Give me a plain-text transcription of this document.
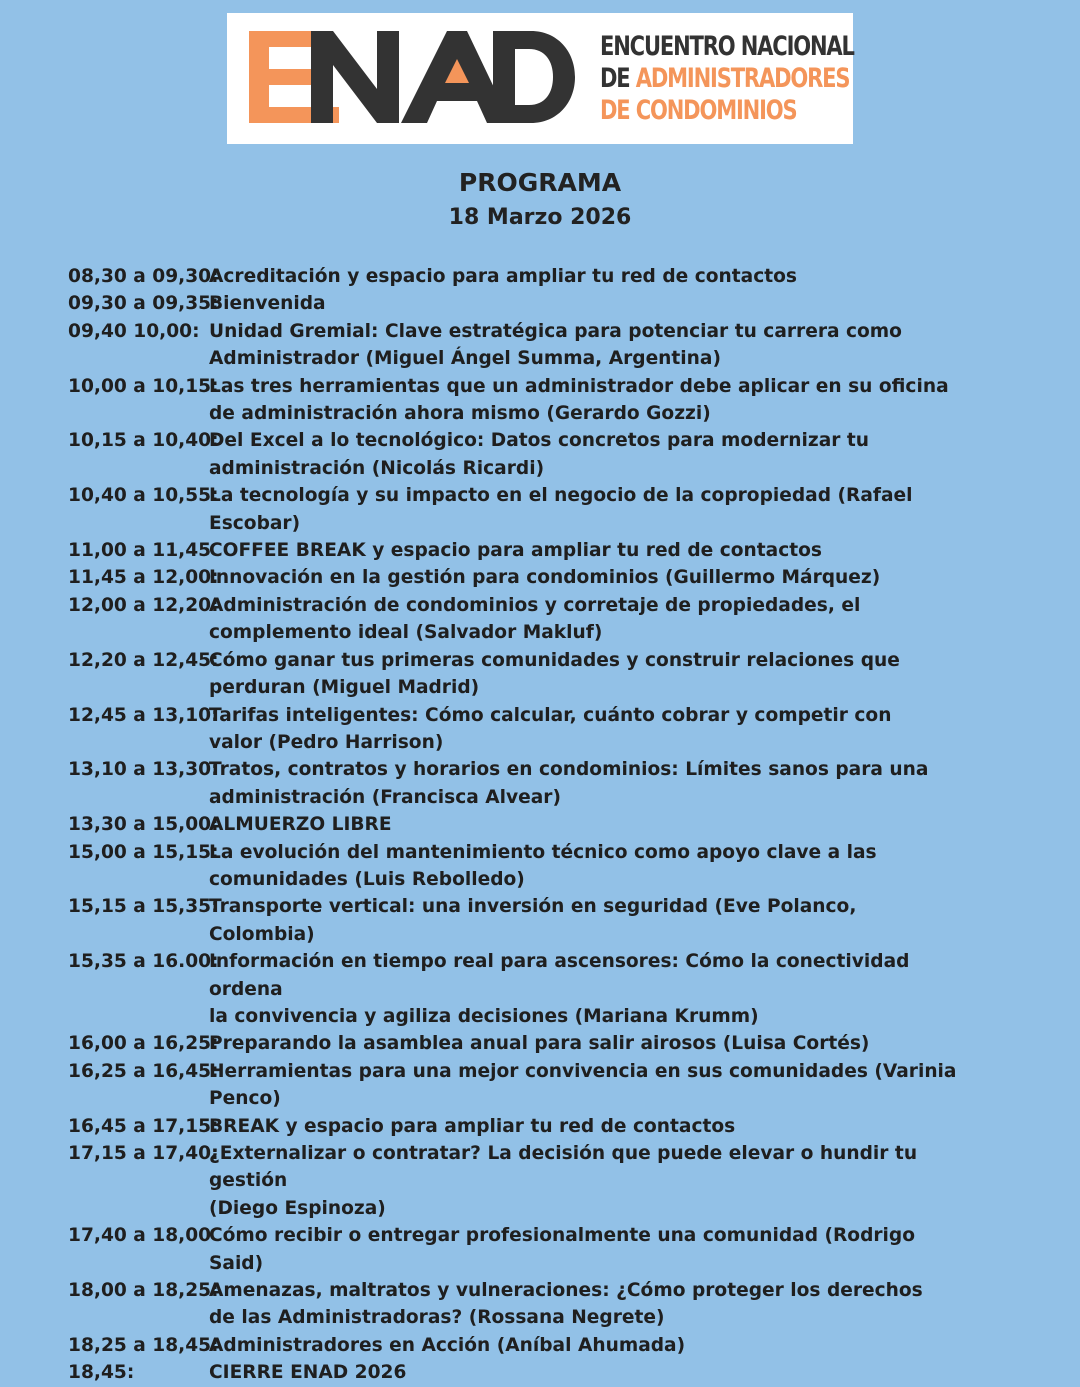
ENCUENTRO NACIONAL
DE ADMINISTRADORES
DE CONDOMINIOS
PROGRAMA
18 Marzo 2026
08,30 a 09,30:
Acreditación y espacio para ampliar tu red de contactos
09,30 a 09,35:
Bienvenida
09,40 10,00: Unidad Gremial: Clave estratégica para potenciar tu carrera como
Administrador (Miguel Ángel Summa, Argentina)
10,00 a 10,15:
Las tres herramientas que un administrador debe aplicar en su oficina
de administración ahora mismo (Gerardo Gozzi)
10,15 a 10,40:
Del Excel a lo tecnológico: Datos concretos para modernizar tu
administración (Nicolás Ricardi)
10,40 a 10,55:
La tecnología y su impacto en el negocio de la copropiedad (Rafael
Escobar)
11,00 a 11,45
COFFEE BREAK y espacio para ampliar tu red de contactos
11,45 a 12,00:
Innovación en la gestión para condominios (Guillermo Márquez)
12,00 a 12,20:
Administración de condominios y corretaje de propiedades, el
complemento ideal (Salvador Makluf)
12,20 a 12,45:
Cómo ganar tus primeras comunidades y construir relaciones que
perduran (Miguel Madrid)
12,45 a 13,10:
Tarifas inteligentes: Cómo calcular, cuánto cobrar y competir con
valor (Pedro Harrison)
13,10 a 13,30:
Tratos, contratos y horarios en condominios: Límites sanos para una
administración (Francisca Alvear)
13,30 a 15,00:
ALMUERZO LIBRE
15,00 a 15,15:
La evolución del mantenimiento técnico como apoyo clave a las
comunidades (Luis Rebolledo)
15,15 a 15,35:
Transporte vertical: una inversión en seguridad (Eve Polanco,
Colombia)
15,35 a 16.00:
Información en tiempo real para ascensores: Cómo la conectividad ordena
la convivencia y agiliza decisiones (Mariana Krumm)
16,00 a 16,25:
Preparando la asamblea anual para salir airosos (Luisa Cortés)
16,25 a 16,45:
Herramientas para una mejor convivencia en sus comunidades (Varinia
Penco)
16,45 a 17,15:
BREAK y espacio para ampliar tu red de contactos
17,15 a 17,40:
¿Externalizar o contratar? La decisión que puede elevar o hundir tu gestión
(Diego Espinoza)
17,40 a 18,00
Cómo recibir o entregar profesionalmente una comunidad (Rodrigo
Said)
18,00 a 18,25:
Amenazas, maltratos y vulneraciones: ¿Cómo proteger los derechos
de las Administradoras? (Rossana Negrete)
18,25 a 18,45:
Administradores en Acción (Aníbal Ahumada)
18,45:	CIERRE ENAD 2026
